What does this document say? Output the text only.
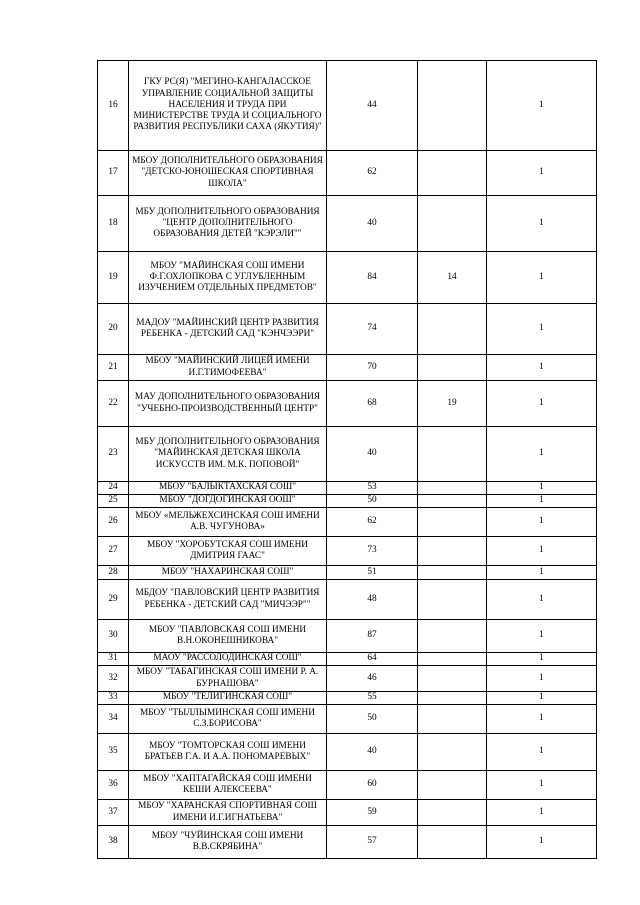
16	ГКУ РС(Я) "МЕГИНО-КАНГАЛАССКОЕ УПРАВЛЕНИЕ СОЦИАЛЬНОЙ ЗАЩИТЫ НАСЕЛЕНИЯ И ТРУДА ПРИ МИНИСТЕРСТВЕ ТРУДА И СОЦИАЛЬНОГО РАЗВИТИЯ РЕСПУБЛИКИ САХА (ЯКУТИЯ)"	44		1
17	МБОУ ДОПОЛНИТЕЛЬНОГО ОБРАЗОВАНИЯ "ДЕТСКО-ЮНОШЕСКАЯ СПОРТИВНАЯ ШКОЛА"	62		1
18	МБУ ДОПОЛНИТЕЛЬНОГО ОБРАЗОВАНИЯ "ЦЕНТР ДОПОЛНИТЕЛЬНОГО ОБРАЗОВАНИЯ ДЕТЕЙ "КЭРЭЛИ""	40		1
19	МБОУ "МАЙИНСКАЯ СОШ ИМЕНИ Ф.Г.ОХЛОПКОВА С УГЛУБЛЕННЫМ ИЗУЧЕНИЕМ ОТДЕЛЬНЫХ ПРЕДМЕТОВ"	84	14	1
20	МАДОУ "МАЙИНСКИЙ ЦЕНТР РАЗВИТИЯ РЕБЕНКА - ДЕТСКИЙ САД "КЭНЧЭЭРИ"	74		1
21	МБОУ "МАЙИНСКИЙ ЛИЦЕЙ ИМЕНИ И.Г.ТИМОФЕЕВА"	70		1
22	МАУ ДОПОЛНИТЕЛЬНОГО ОБРАЗОВАНИЯ "УЧЕБНО-ПРОИЗВОДСТВЕННЫЙ ЦЕНТР"	68	19	1
23	МБУ ДОПОЛНИТЕЛЬНОГО ОБРАЗОВАНИЯ "МАЙИНСКАЯ ДЕТСКАЯ ШКОЛА ИСКУССТВ ИМ. М.К. ПОПОВОЙ"	40		1
24	МБОУ "БАЛЫКТАХСКАЯ СОШ"	53		1
25	МБОУ "ДОГДОГИНСКАЯ ООШ"	50		1
26	МБОУ «МЕЛЬЖЕХСИНСКАЯ СОШ ИМЕНИ А.В. ЧУГУНОВА»	62		1
27	МБОУ "ХОРОБУТСКАЯ СОШ ИМЕНИ ДМИТРИЯ ГААС"	73		1
28	МБОУ "НАХАРИНСКАЯ СОШ"	51		1
29	МБДОУ "ПАВЛОВСКИЙ ЦЕНТР РАЗВИТИЯ РЕБЕНКА - ДЕТСКИЙ САД "МИЧЭЭР""	48		1
30	МБОУ "ПАВЛОВСКАЯ СОШ ИМЕНИ В.Н.ОКОНЕШНИКОВА"	87		1
31	МАОУ "РАССОЛОДИНСКАЯ СОШ"	64		1
32	МБОУ "ТАБАГИНСКАЯ СОШ ИМЕНИ Р. А. БУРНАШОВА"	46		1
33	МБОУ "ТЕЛИГИНСКАЯ СОШ"	55		1
34	МБОУ "ТЫЛЛЫМИНСКАЯ СОШ ИМЕНИ С.З.БОРИСОВА"	50		1
35	МБОУ "ТОМТОРСКАЯ СОШ ИМЕНИ БРАТЬЕВ Г.А. И А.А. ПОНОМАРЕВЫХ"	40		1
36	МБОУ "ХАПТАГАЙСКАЯ СОШ ИМЕНИ КЕШИ АЛЕКСЕЕВА"	60		1
37	МБОУ "ХАРАНСКАЯ СПОРТИВНАЯ СОШ ИМЕНИ И.Г.ИГНАТЬЕВА"	59		1
38	МБОУ "ЧУЙИНСКАЯ СОШ ИМЕНИ В.В.СКРЯБИНА"	57		1
